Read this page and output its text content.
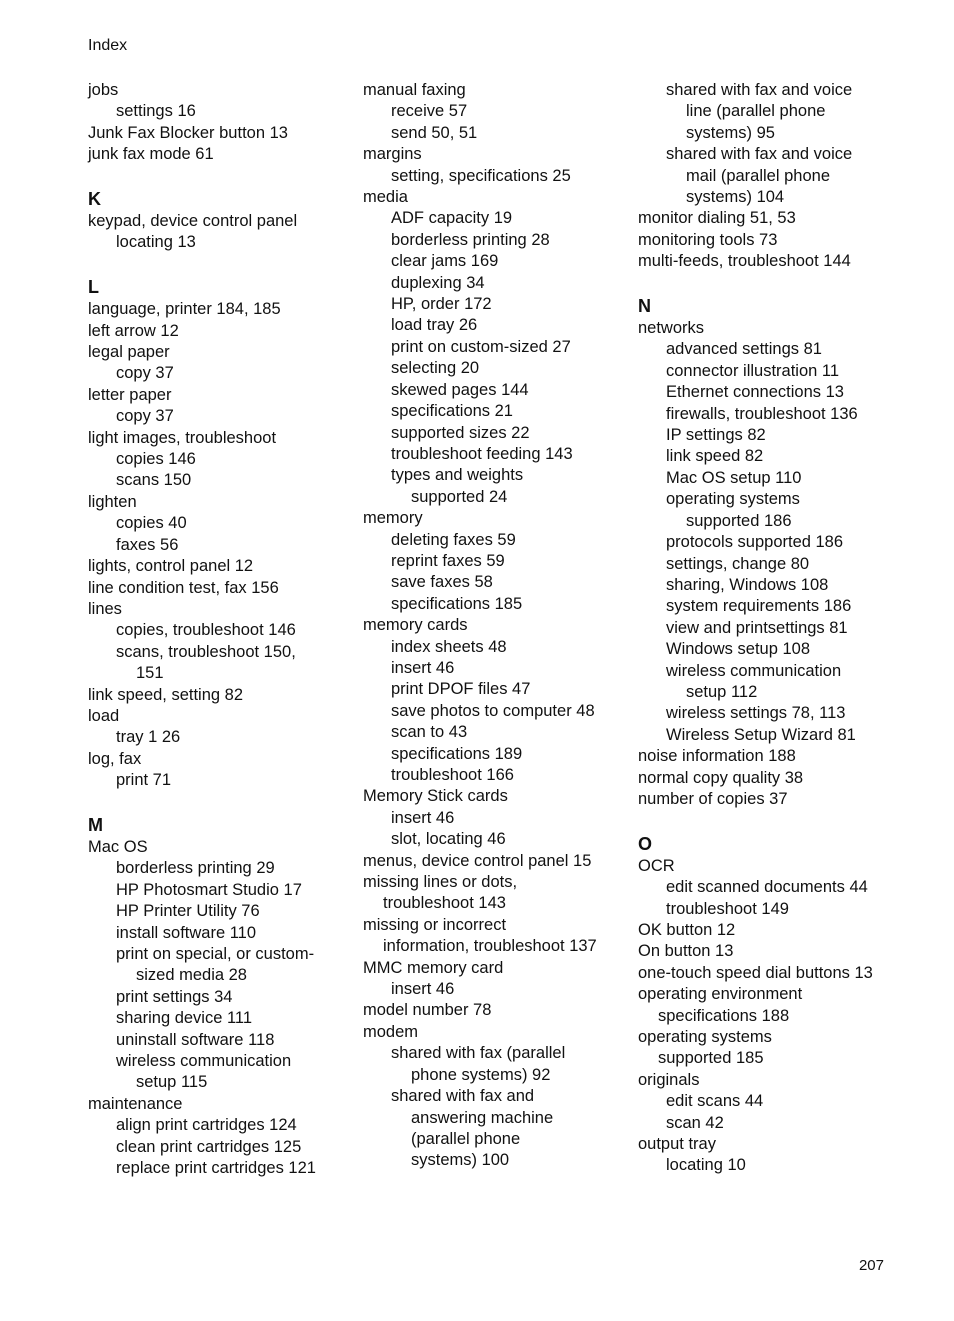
Index

jobs

settings 16

Junk Fax Blocker button 13

junk fax mode 61

K

keypad, device control panel

locating 13

L

language, printer 184, 185

left arrow 12

legal paper

copy 37

letter paper

copy 37

light images, troubleshoot

copies 146

scans 150

lighten

copies 40

faxes 56

lights, control panel 12

line condition test, fax 156

lines

copies, troubleshoot 146

scans, troubleshoot 150,

151

link speed, setting 82

load

tray 1 26

log, fax

print 71

M

Mac OS

borderless printing 29

HP Photosmart Studio 17

HP Printer Utility 76

install software 110

print on special, or custom-

sized media 28

print settings 34

sharing device 111

uninstall software 118

wireless communication

setup 115

maintenance

align print cartridges 124

clean print cartridges 125

replace print cartridges 121

manual faxing

receive 57

send 50, 51

margins

setting, specifications 25

media

ADF capacity 19

borderless printing 28

clear jams 169

duplexing 34

HP, order 172

load tray 26

print on custom-sized 27

selecting 20

skewed pages 144

specifications 21

supported sizes 22

troubleshoot feeding 143

types and weights

supported 24

memory

deleting faxes 59

reprint faxes 59

save faxes 58

specifications 185

memory cards

index sheets 48

insert 46

print DPOF files 47

save photos to computer 48

scan to 43

specifications 189

troubleshoot 166

Memory Stick cards

insert 46

slot, locating 46

menus, device control panel 15

missing lines or dots,

troubleshoot 143

missing or incorrect

information, troubleshoot 137

MMC memory card

insert 46

model number 78

modem

shared with fax (parallel

phone systems) 92

shared with fax and

answering machine

(parallel phone

systems) 100

shared with fax and voice

line (parallel phone

systems) 95

shared with fax and voice

mail (parallel phone

systems) 104

monitor dialing 51, 53

monitoring tools 73

multi-feeds, troubleshoot 144

N

networks

advanced settings 81

connector illustration 11

Ethernet connections 13

firewalls, troubleshoot 136

IP settings 82

link speed 82

Mac OS setup 110

operating systems

supported 186

protocols supported 186

settings, change 80

sharing, Windows 108

system requirements 186

view and printsettings 81

Windows setup 108

wireless communication

setup 112

wireless settings 78, 113

Wireless Setup Wizard 81

noise information 188

normal copy quality 38

number of copies 37

O

OCR

edit scanned documents 44

troubleshoot 149

OK button 12

On button 13

one-touch speed dial buttons 13

operating environment

specifications 188

operating systems

supported 185

originals

edit scans 44

scan 42

output tray

locating 10

207
